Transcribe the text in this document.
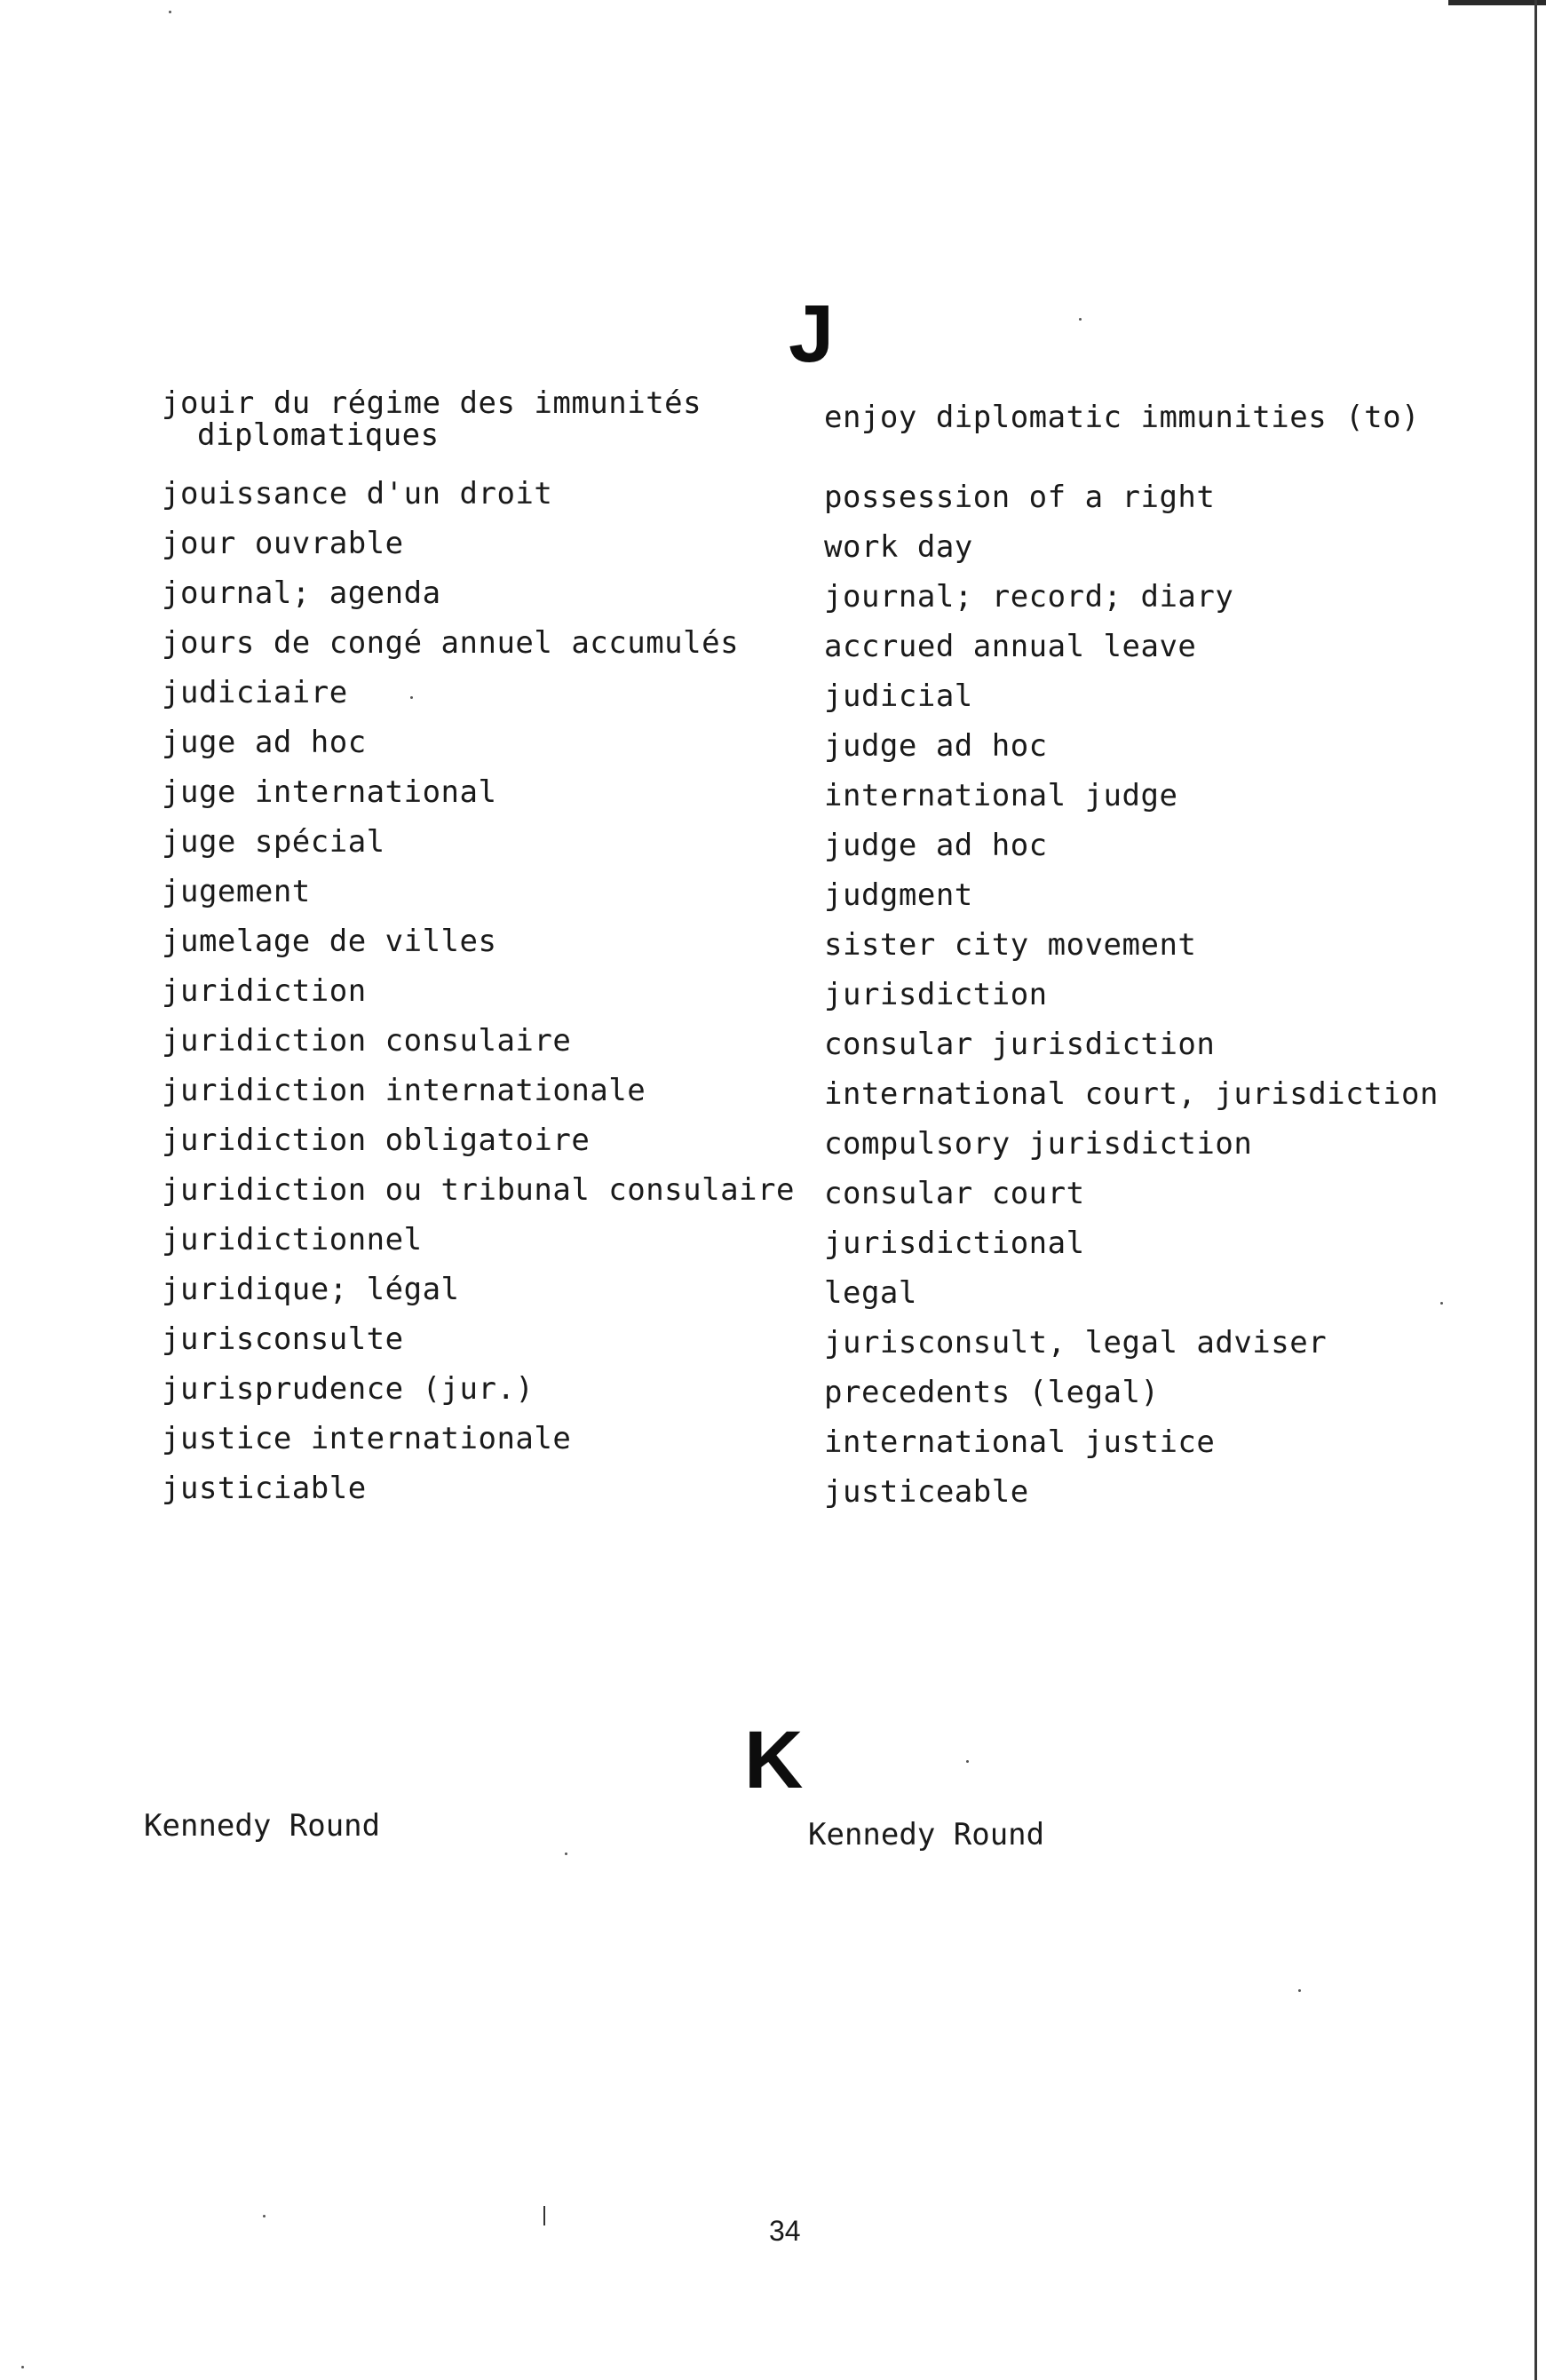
J
jouir du régime des immunités
diplomatiques
jouissance d'un droit
jour ouvrable
journal; agenda
jours de congé annuel accumulés
judiciaire
juge ad hoc
juge international
juge spécial
jugement
jumelage de villes
juridiction
juridiction consulaire
juridiction internationale
juridiction obligatoire
juridiction ou tribunal consulaire
juridictionnel
juridique; légal
jurisconsulte
jurisprudence (jur.)
justice internationale
justiciable
enjoy diplomatic immunities (to)
possession of a right
work day
journal; record; diary
accrued annual leave
judicial
judge ad hoc
international judge
judge ad hoc
judgment
sister city movement
jurisdiction
consular jurisdiction
international court, jurisdiction
compulsory jurisdiction
consular court
jurisdictional
legal
jurisconsult, legal adviser
precedents (legal)
international justice
justiceable
K
Kennedy Round	Kennedy Round
34
